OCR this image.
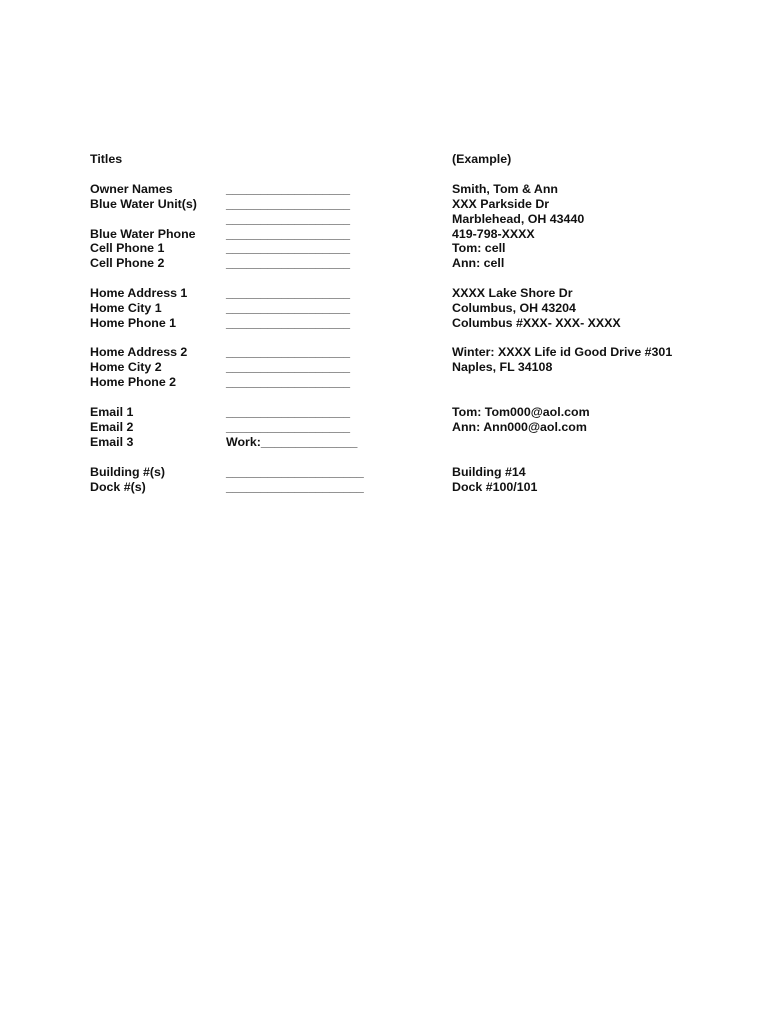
Titles	(Example)
Owner Names	__________________	Smith, Tom & Ann
Blue Water Unit(s) __________________	XXX Parkside Dr
__________________	Marblehead, OH 43440
Blue Water Phone __________________	419-798-XXXX
Cell Phone 1	__________________	Tom: cell
Cell Phone 2	__________________	Ann: cell
Home Address 1	__________________	XXXX Lake Shore Dr
Home City 1	__________________	Columbus, OH 43204
Home Phone 1	__________________	Columbus #XXX- XXX- XXXX
Home Address 2	__________________	Winter: XXXX Life id Good Drive #301
Home City 2	__________________	Naples, FL 34108
Home Phone 2	__________________
Email 1	__________________	Tom: Tom000@aol.com
Email 2	__________________	Ann: Ann000@aol.com
Email 3	Work:______________
Building #(s)	____________________	Building #14
Dock #(s)	____________________	Dock #100/101
